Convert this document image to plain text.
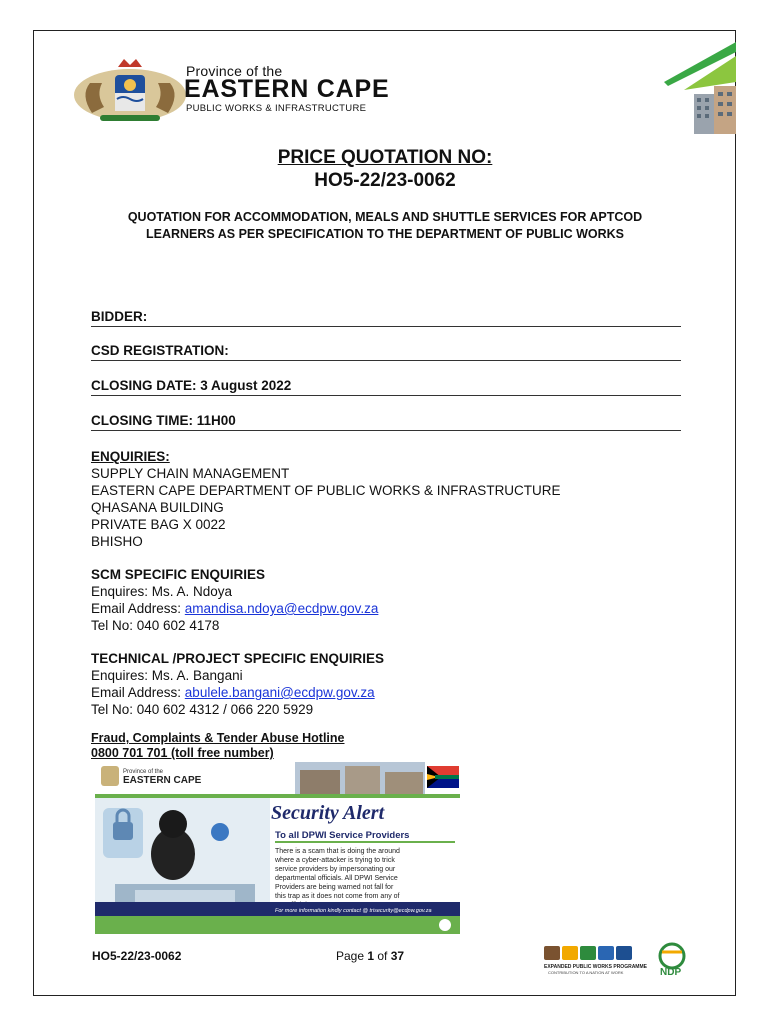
Province of the
EASTERN CAPE
PUBLIC WORKS & INFRASTRUCTURE
PRICE QUOTATION NO:
HO5-22/23-0062
QUOTATION FOR ACCOMMODATION, MEALS AND SHUTTLE SERVICES FOR APTCOD LEARNERS AS PER SPECIFICATION TO THE DEPARTMENT OF PUBLIC WORKS
BIDDER:
CSD REGISTRATION:
CLOSING DATE: 3 August 2022
CLOSING TIME: 11H00
ENQUIRIES:
SUPPLY CHAIN MANAGEMENT
EASTERN CAPE DEPARTMENT OF PUBLIC WORKS & INFRASTRUCTURE
QHASANA BUILDING
PRIVATE BAG X 0022
BHISHO
SCM SPECIFIC ENQUIRIES
Enquires: Ms. A. Ndoya
Email Address: amandisa.ndoya@ecdpw.gov.za
Tel No: 040 602 4178
TECHNICAL /PROJECT SPECIFIC ENQUIRIES
Enquires: Ms. A. Bangani
Email Address: abulele.bangani@ecdpw.gov.za
Tel No: 040 602 4312 / 066 220 5929
Fraud, Complaints & Tender Abuse Hotline
0800 701 701 (toll free number)
Province of the
EASTERN CAPE
Security Alert
To all DPWI Service Providers
There is a scam that is doing the around
where a cyber-attacker is trying to trick
service providers by impersonating our
departmental officials. All DPWI Service
Providers are being warned not fall for
this trap as it does not come from any of
For more information kindly contact @ trisecurity@ecdpw.gov.za
HO5-22/23-0062	Page 1 of 37
EXPANDED PUBLIC WORKS PROGRAMME
CONTRIBUTION TO A NATION AT WORK	NDP
